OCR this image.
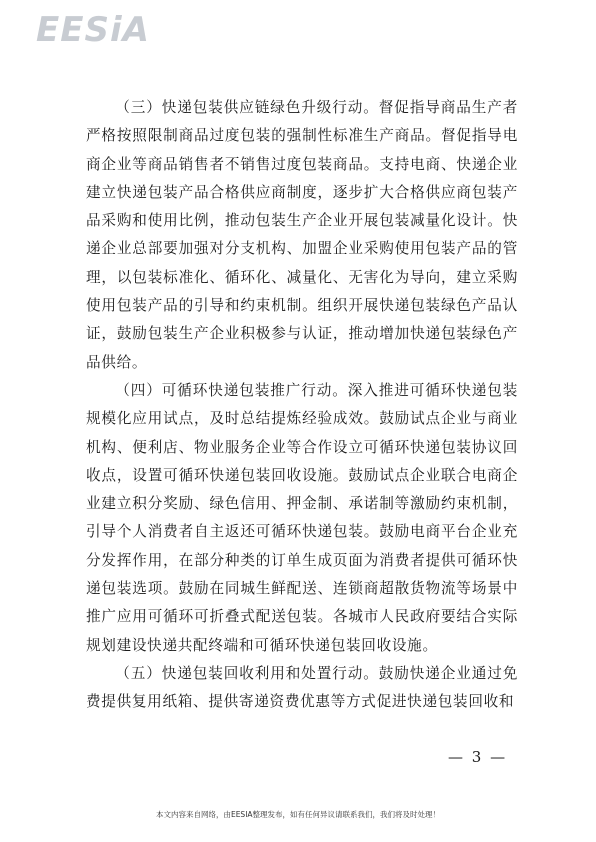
EESiA

（三）快递包装供应链绿色升级行动。督促指导商品生产者严格按照限制商品过度包装的强制性标准生产商品。督促指导电商企业等商品销售者不销售过度包装商品。支持电商、快递企业建立快递包装产品合格供应商制度，逐步扩大合格供应商包装产品采购和使用比例，推动包装生产企业开展包装减量化设计。快递企业总部要加强对分支机构、加盟企业采购使用包装产品的管理，以包装标准化、循环化、减量化、无害化为导向，建立采购使用包装产品的引导和约束机制。组织开展快递包装绿色产品认证，鼓励包装生产企业积极参与认证，推动增加快递包装绿色产品供给。

（四）可循环快递包装推广行动。深入推进可循环快递包装规模化应用试点，及时总结提炼经验成效。鼓励试点企业与商业机构、便利店、物业服务企业等合作设立可循环快递包装协议回收点，设置可循环快递包装回收设施。鼓励试点企业联合电商企业建立积分奖励、绿色信用、押金制、承诺制等激励约束机制，引导个人消费者自主返还可循环快递包装。鼓励电商平台企业充分发挥作用，在部分种类的订单生成页面为消费者提供可循环快递包装选项。鼓励在同城生鲜配送、连锁商超散货物流等场景中推广应用可循环可折叠式配送包装。各城市人民政府要结合实际规划建设快递共配终端和可循环快递包装回收设施。

（五）快递包装回收利用和处置行动。鼓励快递企业通过免费提供复用纸箱、提供寄递资费优惠等方式促进快递包装回收和

— 3 —
本文内容来自网络，由EESIA整理发布，如有任何异议请联系我们，我们将及时处理！
